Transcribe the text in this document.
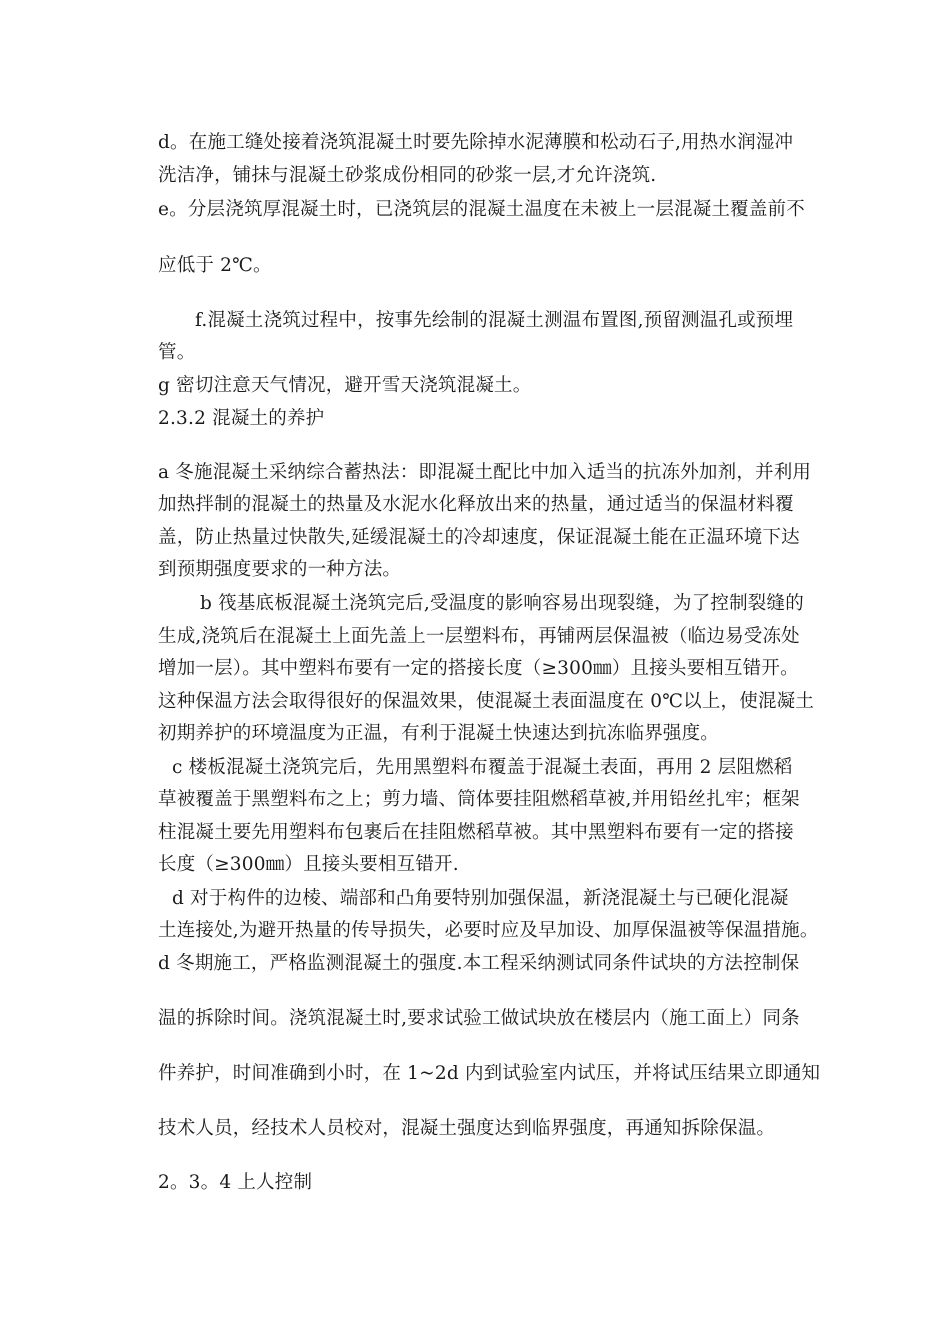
d。在施工缝处接着浇筑混凝土时要先除掉水泥薄膜和松动石子,用热水润湿冲
洗洁净，铺抹与混凝土砂浆成份相同的砂浆一层,才允许浇筑.
e。分层浇筑厚混凝土时，已浇筑层的混凝土温度在未被上一层混凝土覆盖前不
应低于 2℃。
f.混凝土浇筑过程中，按事先绘制的混凝土测温布置图,预留测温孔或预埋
管。
g 密切注意天气情况，避开雪天浇筑混凝土。
2.3.2 混凝土的养护
a 冬施混凝土采纳综合蓄热法：即混凝土配比中加入适当的抗冻外加剂，并利用
加热拌制的混凝土的热量及水泥水化释放出来的热量，通过适当的保温材料覆
盖，防止热量过快散失,延缓混凝土的冷却速度，保证混凝土能在正温环境下达
到预期强度要求的一种方法。
b 筏基底板混凝土浇筑完后,受温度的影响容易出现裂缝，为了控制裂缝的
生成,浇筑后在混凝土上面先盖上一层塑料布，再铺两层保温被（临边易受冻处
增加一层）。其中塑料布要有一定的搭接长度（≥300㎜）且接头要相互错开。
这种保温方法会取得很好的保温效果，使混凝土表面温度在 0℃以上，使混凝土
初期养护的环境温度为正温，有利于混凝土快速达到抗冻临界强度。
c 楼板混凝土浇筑完后，先用黑塑料布覆盖于混凝土表面，再用 2 层阻燃稻
草被覆盖于黑塑料布之上；剪力墙、筒体要挂阻燃稻草被,并用铅丝扎牢；框架
柱混凝土要先用塑料布包裹后在挂阻燃稻草被。其中黑塑料布要有一定的搭接
长度（≥300㎜）且接头要相互错开.
d 对于构件的边棱、端部和凸角要特别加强保温，新浇混凝土与已硬化混凝
土连接处,为避开热量的传导损失，必要时应及早加设、加厚保温被等保温措施。
d 冬期施工，严格监测混凝土的强度.本工程采纳测试同条件试块的方法控制保
温的拆除时间。浇筑混凝土时,要求试验工做试块放在楼层内（施工面上）同条
件养护，时间准确到小时，在 1~2d 内到试验室内试压，并将试压结果立即通知
技术人员，经技术人员校对，混凝土强度达到临界强度，再通知拆除保温。
2。3。4 上人控制
